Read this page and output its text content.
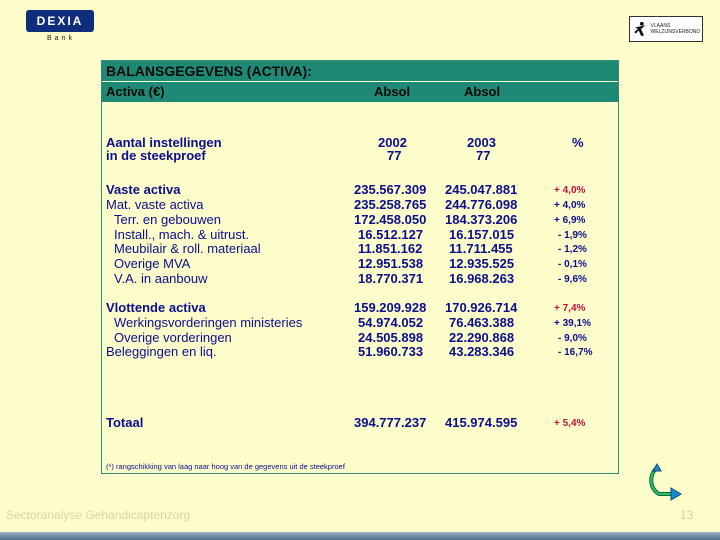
DEXIA
Bank
VLAANS
WELZIJNSVERBOND
BALANSGEGEVENS (ACTIVA):
Activa (€)	Absol	Absol
Aantal instellingen
in de steekproef
2002	2003	%
77	77
Vaste activa	235.567.309 245.047.881	+ 4,0%
Mat. vaste activa	235.258.765 244.776.098	+ 4,0%
Terr. en gebouwen	172.458.050 184.373.206	+ 6,9%
Install., mach. & uitrust.	16.512.127 16.157.015	- 1,9%
Meubilair & roll. materiaal	11.851.162 11.711.455	- 1,2%
Overige MVA	12.951.538 12.935.525	- 0,1%
V.A. in aanbouw	18.770.371 16.968.263	- 9,6%
Vlottende activa	159.209.928 170.926.714	+ 7,4%
Werkingsvorderingen ministeries	54.974.052 76.463.388	+ 39,1%
Overige vorderingen	24.505.898 22.290.868	- 9,0%
Beleggingen en liq.	51.960.733 43.283.346	- 16,7%
Totaal	394.777.237 415.974.595	+ 5,4%
(*) rangschikking van laag naar hoog van de gegevens uit de steekproef
Sectoranalyse Gehandicaptenzorg	13
